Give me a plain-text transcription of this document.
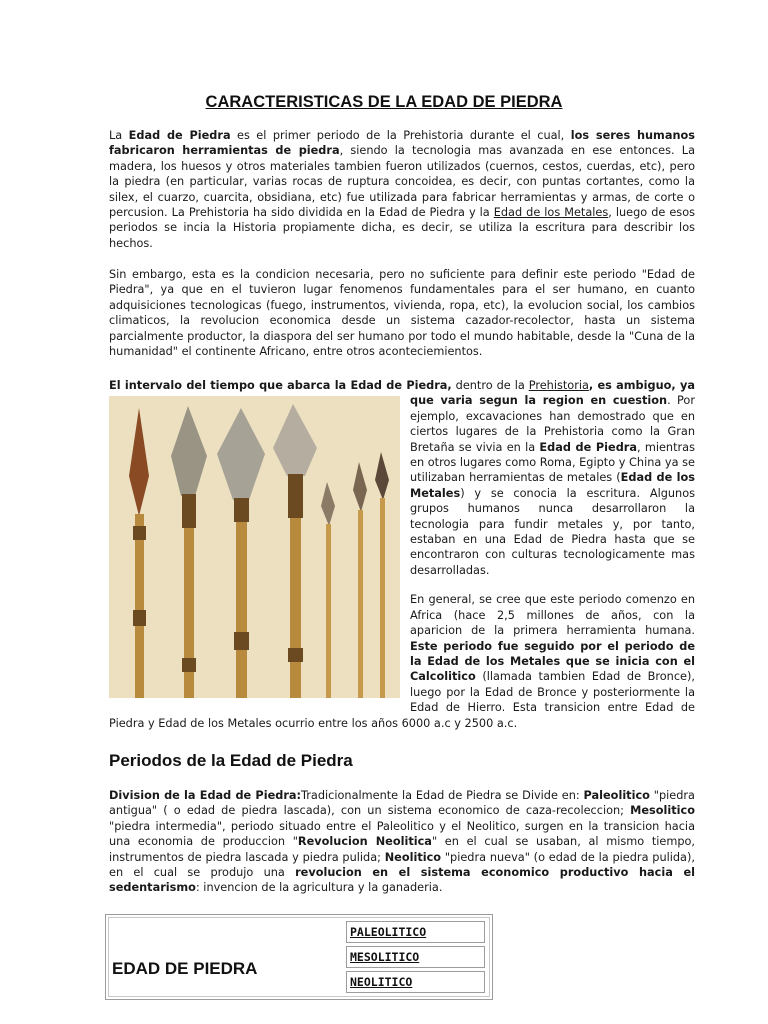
CARACTERISTICAS DE LA EDAD DE PIEDRA

La Edad de Piedra es el primer periodo de la Prehistoria durante el cual, los seres humanos fabricaron herramientas de piedra, siendo la tecnologia mas avanzada en ese entonces. La madera, los huesos y otros materiales tambien fueron utilizados (cuernos, cestos, cuerdas, etc), pero la piedra (en particular, varias rocas de ruptura concoidea, es decir, con puntas cortantes, como la silex, el cuarzo, cuarcita, obsidiana, etc) fue utilizada para fabricar herramientas y armas, de corte o percusion. La Prehistoria ha sido dividida en la Edad de Piedra y la Edad de los Metales, luego de esos periodos se incia la Historia propiamente dicha, es decir, se utiliza la escritura para describir los hechos.

Sin embargo, esta es la condicion necesaria, pero no suficiente para definir este periodo "Edad de Piedra", ya que en el tuvieron lugar fenomenos fundamentales para el ser humano, en cuanto adquisiciones tecnologicas (fuego, instrumentos, vivienda, ropa, etc), la evolucion social, los cambios climaticos, la revolucion economica desde un sistema cazador-recolector, hasta un sistema parcialmente productor, la diaspora del ser humano por todo el mundo habitable, desde la "Cuna de la humanidad" el continente Africano, entre otros aconteciemientos.

El intervalo del tiempo que abarca la Edad de Piedra, dentro de la Prehistoria, es ambiguo, ya que varia segun la region en cuestion
. Por ejemplo, excavaciones han demostrado que en ciertos lugares de la Prehistoria como la Gran Bretaña se vivia en la Edad de Piedra, mientras en otros lugares como Roma, Egipto y China ya se utilizaban herramientas de metales (Edad de los Metales) y se conocia la escritura. Algunos grupos humanos nunca desarrollaron la tecnologia para fundir metales y, por tanto, estaban en una Edad de Piedra hasta que se encontraron con culturas tecnologicamente mas desarrolladas.

En general, se cree que este periodo comenzo en Africa (hace 2,5 millones de años, con la aparicion de la primera herramienta humana. Este periodo fue seguido por el periodo de la Edad de los Metales que se inicia con el Calcolitico (llamada tambien Edad de Bronce), luego por la Edad de Bronce y posteriormente la Edad de Hierro. Esta transicion entre Edad de Piedra y Edad de los Metales ocurrio entre los años 6000 a.c y 2500 a.c.

Periodos de la Edad de Piedra

Division de la Edad de Piedra:Tradicionalmente la Edad de Piedra se Divide en: Paleolitico "piedra antigua" ( o edad de piedra lascada), con un sistema economico de caza-recoleccion; Mesolitico "piedra intermedia", periodo situado entre el Paleolitico y el Neolitico, surgen en la transicion hacia una economia de produccion "Revolucion Neolitica" en el cual se usaban, al mismo tiempo, instrumentos de piedra lascada y piedra pulida; Neolitico "piedra nueva" (o edad de la piedra pulida), en el cual se produjo una revolucion en el sistema economico productivo hacia el sedentarismo: invencion de la agricultura y la ganaderia.

EDAD DE PIEDRA
PALEOLITICO
MESOLITICO
NEOLITICO
